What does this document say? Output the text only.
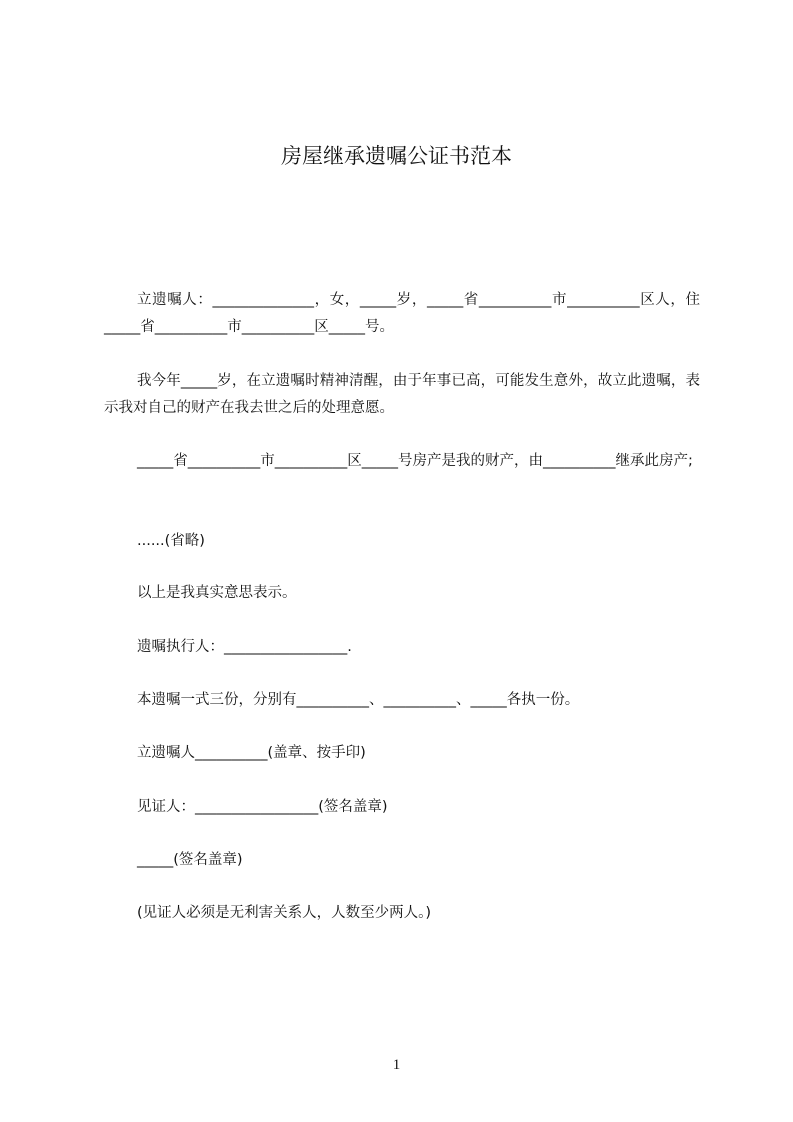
房屋继承遗嘱公证书范本
立遗嘱人：______________，女，_____岁，_____省__________市__________区人，住_____省__________市__________区_____号。
我今年_____岁，在立遗嘱时精神清醒，由于年事已高，可能发生意外，故立此遗嘱，表示我对自己的财产在我去世之后的处理意愿。
_____省__________市__________区_____号房产是我的财产，由__________继承此房产;
......(省略)
以上是我真实意思表示。
遗嘱执行人：_________________.
本遗嘱一式三份，分别有__________、__________、_____各执一份。
立遗嘱人__________(盖章、按手印)
见证人：_________________(签名盖章)
_____(签名盖章)
(见证人必须是无利害关系人，人数至少两人。)
1
